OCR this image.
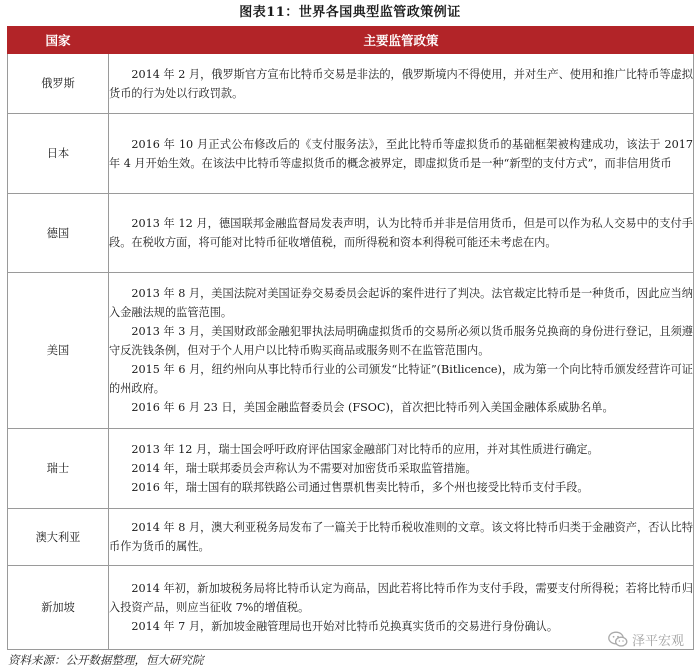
图表11：世界各国典型监管政策例证
国家	主要监管政策
俄罗斯	2014 年 2 月，俄罗斯官方宣布比特币交易是非法的，俄罗斯境内不得使用，并对生产、使用和推广比特币等虚拟货币的行为处以行政罚款。

日本	2016 年 10 月正式公布修改后的《支付服务法》，至此比特币等虚拟货币的基础框架被构建成功，该法于 2017 年 4 月开始生效。在该法中比特币等虚拟货币的概念被界定，即虚拟货币是一种“新型的支付方式”，而非信用货币

德国	2013 年 12 月，德国联邦金融监督局发表声明，认为比特币并非是信用货币，但是可以作为私人交易中的支付手段。在税收方面，将可能对比特币征收增值税，而所得税和资本利得税可能还未考虑在内。

美国	2013 年 8 月，美国法院对美国证券交易委员会起诉的案件进行了判决。法官裁定比特币是一种货币，因此应当纳入金融法规的监管范围。

2013 年 3 月，美国财政部金融犯罪执法局明确虚拟货币的交易所必须以货币服务兑换商的身份进行登记，且须遵守反洗钱条例，但对于个人用户以比特币购买商品或服务则不在监管范围内。

2015 年 6 月，纽约州向从事比特币行业的公司颁发“比特证”(Bitlicence)，成为第一个向比特币颁发经营许可证的州政府。

2016 年 6 月 23 日，美国金融监督委员会 (FSOC)，首次把比特币列入美国金融体系威胁名单。

瑞士	2013 年 12 月，瑞士国会呼吁政府评估国家金融部门对比特币的应用，并对其性质进行确定。

2014 年，瑞士联邦委员会声称认为不需要对加密货币采取监管措施。

2016 年，瑞士国有的联邦铁路公司通过售票机售卖比特币，多个州也接受比特币支付手段。

澳大利亚	2014 年 8 月，澳大利亚税务局发布了一篇关于比特币税收准则的文章。该文将比特币归类于金融资产，否认比特币作为货币的属性。

新加坡	2014 年初，新加坡税务局将比特币认定为商品，因此若将比特币作为支付手段，需要支付所得税；若将比特币归入投资产品，则应当征收 7%的增值税。

2014 年 7 月，新加坡金融管理局也开始对比特币兑换真实货币的交易进行身份确认。

资料来源：公开数据整理，恒大研究院
泽平宏观
